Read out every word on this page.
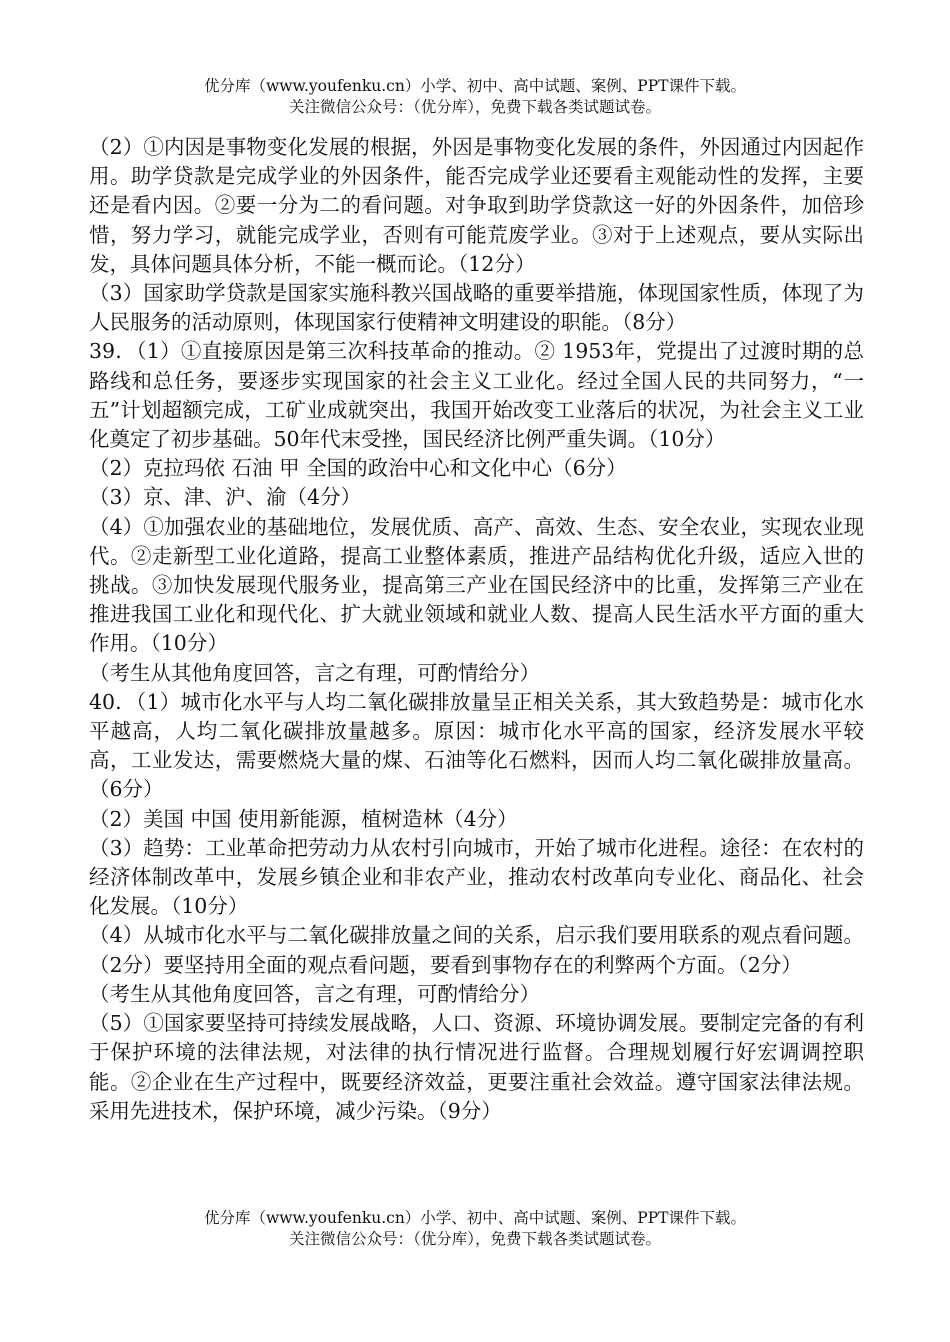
优分库（www.youfenku.cn）小学、初中、高中试题、案例、PPT课件下载。
关注微信公众号：（优分库），免费下载各类试题试卷。

（2）①内因是事物变化发展的根据，外因是事物变化发展的条件，外因通过内因起作用。助学贷款是完成学业的外因条件，能否完成学业还要看主观能动性的发挥，主要还是看内因。②要一分为二的看问题。对争取到助学贷款这一好的外因条件，加倍珍惜，努力学习，就能完成学业，否则有可能荒废学业。③对于上述观点，要从实际出发，具体问题具体分析，不能一概而论。（12分）

（3）国家助学贷款是国家实施科教兴国战略的重要举措施，体现国家性质，体现了为人民服务的活动原则，体现国家行使精神文明建设的职能。（8分）

39．（1）①直接原因是第三次科技革命的推动。② 1953年，党提出了过渡时期的总路线和总任务，要逐步实现国家的社会主义工业化。经过全国人民的共同努力，“一五”计划超额完成，工矿业成就突出，我国开始改变工业落后的状况，为社会主义工业化奠定了初步基础。50年代末受挫，国民经济比例严重失调。（10分）

（2）克拉玛依 石油 甲 全国的政治中心和文化中心（6分）

（3）京、津、沪、渝（4分）

（4）①加强农业的基础地位，发展优质、高产、高效、生态、安全农业，实现农业现代。②走新型工业化道路，提高工业整体素质，推进产品结构优化升级，适应入世的挑战。③加快发展现代服务业，提高第三产业在国民经济中的比重，发挥第三产业在推进我国工业化和现代化、扩大就业领域和就业人数、提高人民生活水平方面的重大作用。（10分）

（考生从其他角度回答，言之有理，可酌情给分）

40．（1）城市化水平与人均二氧化碳排放量呈正相关关系，其大致趋势是：城市化水平越高，人均二氧化碳排放量越多。原因：城市化水平高的国家，经济发展水平较高，工业发达，需要燃烧大量的煤、石油等化石燃料，因而人均二氧化碳排放量高。（6分）

（2）美国 中国 使用新能源，植树造林（4分）

（3）趋势：工业革命把劳动力从农村引向城市，开始了城市化进程。途径：在农村的经济体制改革中，发展乡镇企业和非农产业，推动农村改革向专业化、商品化、社会化发展。（10分）

（4）从城市化水平与二氧化碳排放量之间的关系，启示我们要用联系的观点看问题。（2分）要坚持用全面的观点看问题，要看到事物存在的利弊两个方面。（2分）

（考生从其他角度回答，言之有理，可酌情给分）

（5）①国家要坚持可持续发展战略，人口、资源、环境协调发展。要制定完备的有利于保护环境的法律法规，对法律的执行情况进行监督。合理规划履行好宏调调控职能。②企业在生产过程中，既要经济效益，更要注重社会效益。遵守国家法律法规。采用先进技术，保护环境，减少污染。（9分）

优分库（www.youfenku.cn）小学、初中、高中试题、案例、PPT课件下载。
关注微信公众号：（优分库），免费下载各类试题试卷。
